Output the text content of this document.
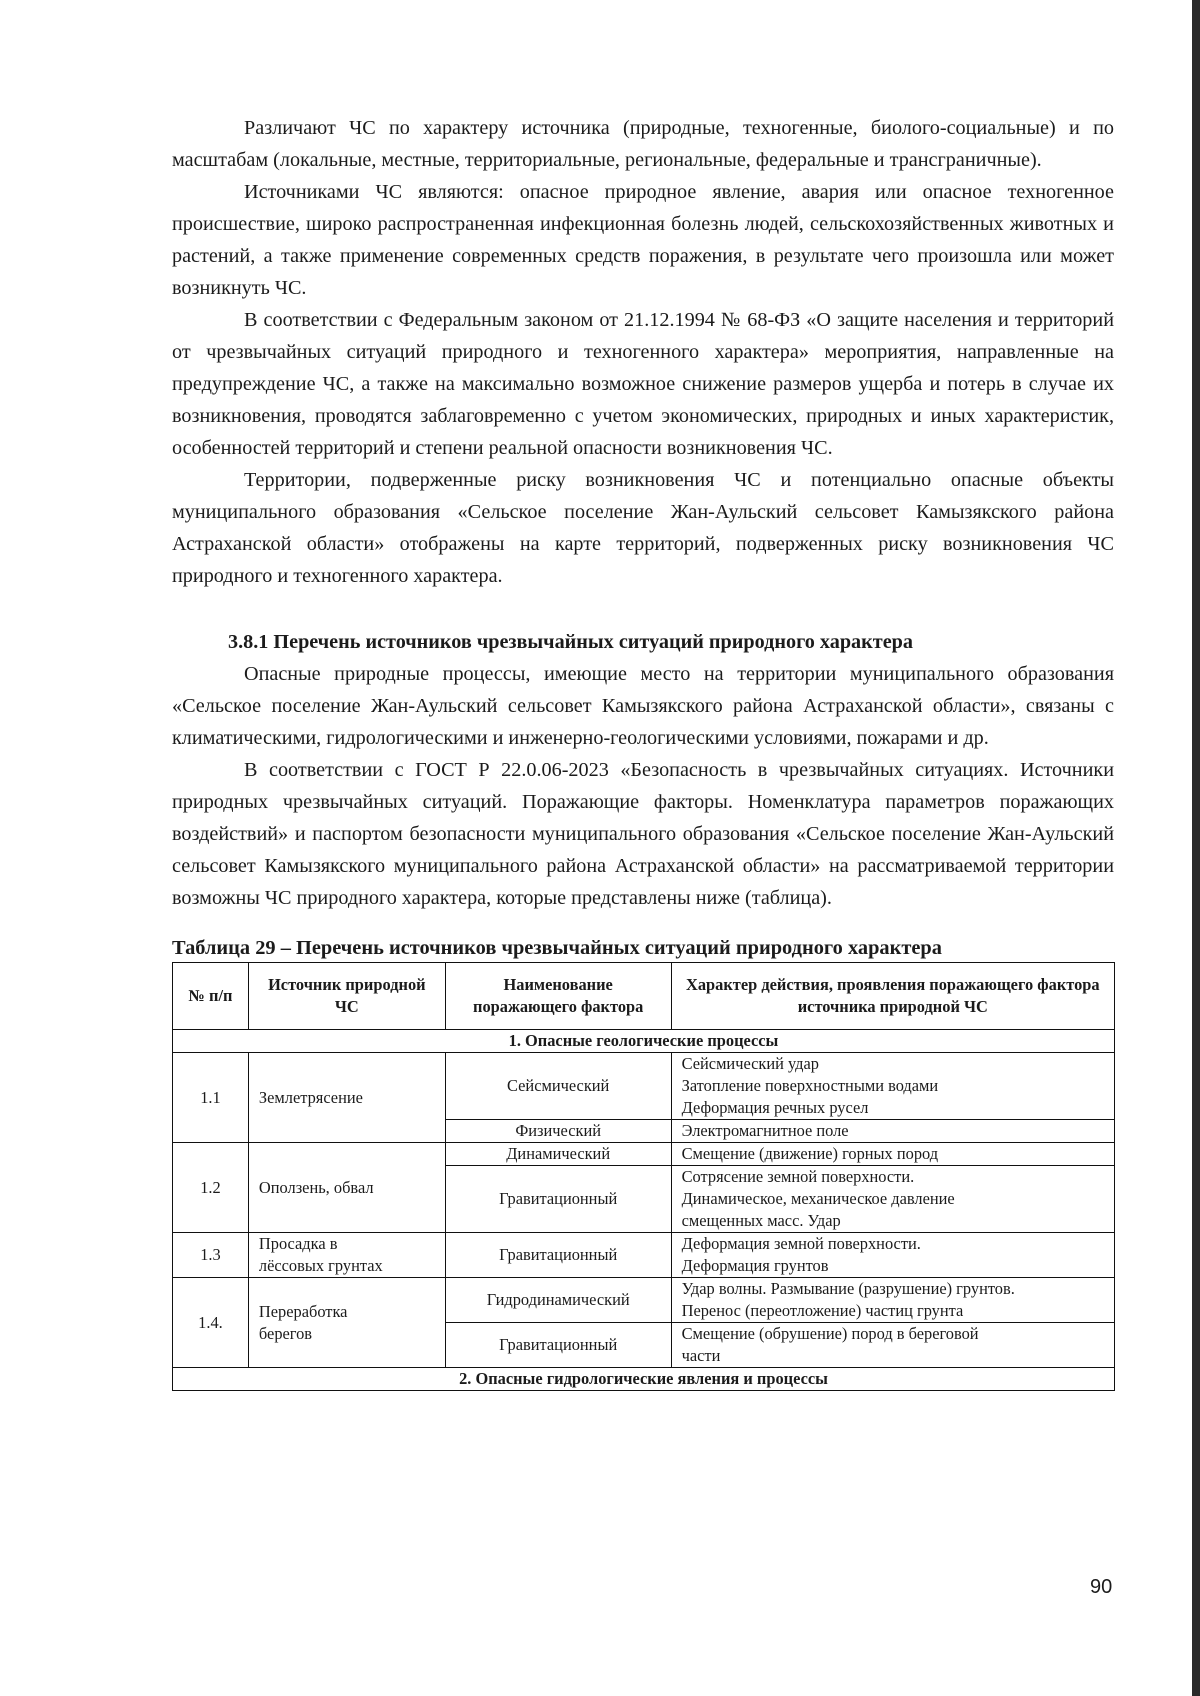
Различают ЧС по характеру источника (природные, техногенные, биолого-социальные) и по масштабам (локальные, местные, территориальные, региональные, федеральные и трансграничные).

Источниками ЧС являются: опасное природное явление, авария или опасное техногенное происшествие, широко распространенная инфекционная болезнь людей, сельскохозяйственных животных и растений, а также применение современных средств поражения, в результате чего произошла или может возникнуть ЧС.

В соответствии с Федеральным законом от 21.12.1994 № 68-ФЗ «О защите населения и территорий от чрезвычайных ситуаций природного и техногенного характера» мероприятия, направленные на предупреждение ЧС, а также на максимально возможное снижение размеров ущерба и потерь в случае их возникновения, проводятся заблаговременно с учетом экономических, природных и иных характеристик, особенностей территорий и степени реальной опасности возникновения ЧС.

Территории, подверженные риску возникновения ЧС и потенциально опасные объекты муниципального образования «Сельское поселение Жан-Аульский сельсовет Камызякского района Астраханской области» отображены на карте территорий, подверженных риску возникновения ЧС природного и техногенного характера.

3.8.1 Перечень источников чрезвычайных ситуаций природного характера

Опасные природные процессы, имеющие место на территории муниципального образования «Сельское поселение Жан-Аульский сельсовет Камызякского района Астраханской области», связаны с климатическими, гидрологическими и инженерно-геологическими условиями, пожарами и др.

В соответствии с ГОСТ Р 22.0.06-2023 «Безопасность в чрезвычайных ситуациях. Источники природных чрезвычайных ситуаций. Поражающие факторы. Номенклатура параметров поражающих воздействий» и паспортом безопасности муниципального образования «Сельское поселение Жан-Аульский сельсовет Камызякского муниципального района Астраханской области» на рассматриваемой территории возможны ЧС природного характера, которые представлены ниже (таблица).

Таблица 29 – Перечень источников чрезвычайных ситуаций природного характера

№ п/п	Источник природной ЧС	Наименование поражающего фактора	Характер действия, проявления поражающего фактора источника природной ЧС
1. Опасные геологические процессы			
1.1	Землетрясение	Сейсмический	Сейсмический удар
Затопление поверхностными водами
Деформация речных русел

		Физический	Электромагнитное поле
1.2	Оползень, обвал	Динамический	Смещение (движение) горных пород
		Гравитационный	Сотрясение земной поверхности.
Динамическое, механическое давление
смещенных масс. Удар

1.3	Просадка в
лёссовых грунтах	Гравитационный	Деформация земной поверхности.
Деформация грунтов

1.4.	Переработка
берегов	Гидродинамический	Удар волны. Размывание (разрушение) грунтов.
Перенос (переотложение) частиц грунта

		Гравитационный	Смещение (обрушение) пород в береговой
части

2. Опасные гидрологические явления и процессы			
90
